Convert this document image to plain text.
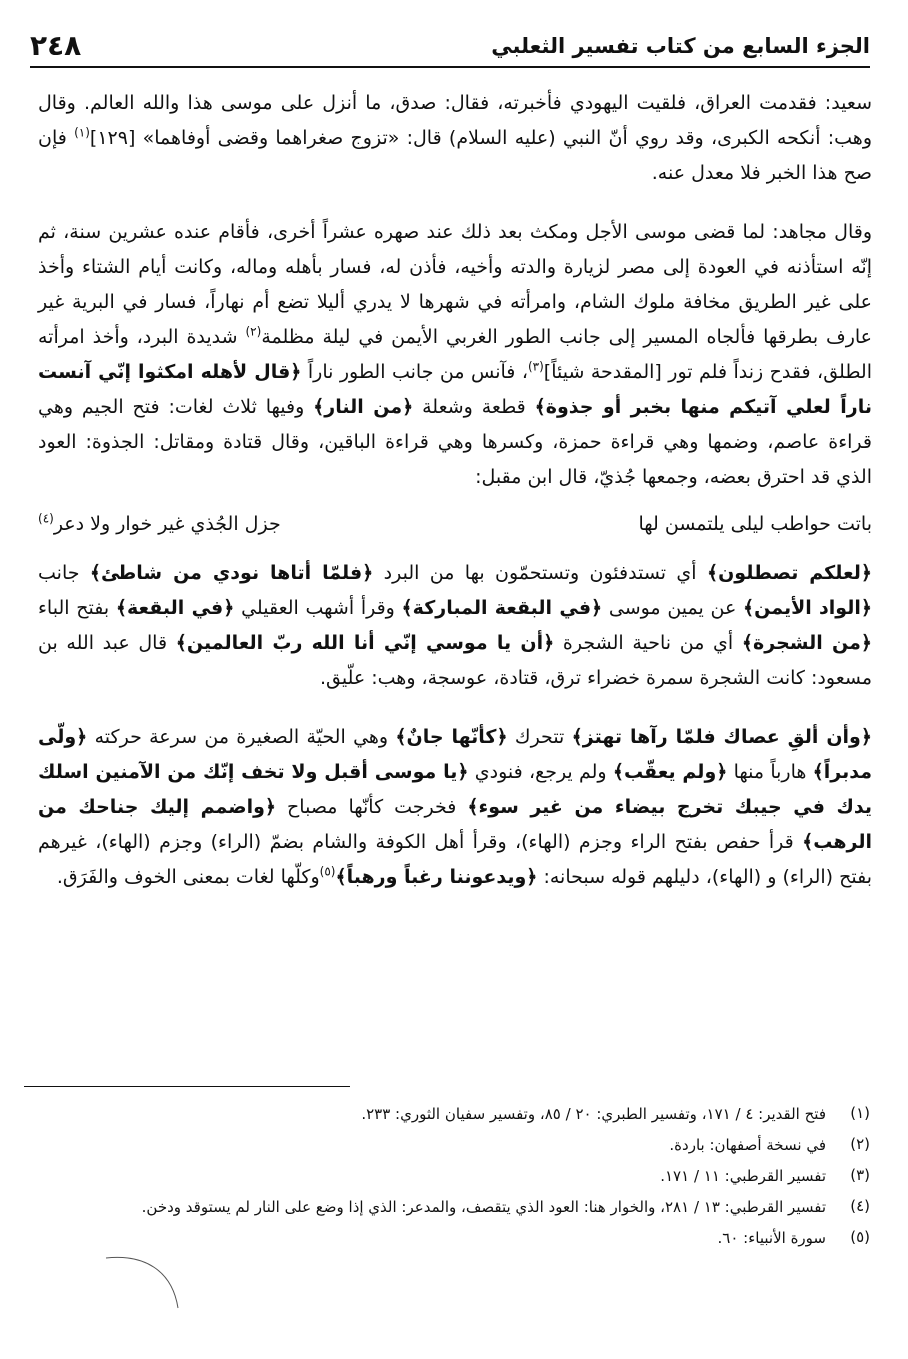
الجزء السابع من كتاب تفسير الثعلبي
٢٤٨

سعيد: فقدمت العراق، فلقيت اليهودي فأخبرته، فقال: صدق، ما أنزل على موسى هذا والله العالم. وقال وهب: أنكحه الكبرى، وقد روي أنّ النبي (عليه السلام) قال: «تزوج صغراهما وقضى أوفاهما» [١٢٩]$^{(١)}$ فإن صح هذا الخبر فلا معدل عنه.

وقال مجاهد: لما قضى موسى الأجل ومكث بعد ذلك عند صهره عشراً أخرى، فأقام عنده عشرين سنة، ثم إنّه استأذنه في العودة إلى مصر لزيارة والدته وأخيه، فأذن له، فسار بأهله وماله، وكانت أيام الشتاء وأخذ على غير الطريق مخافة ملوك الشام، وامرأته في شهرها لا يدري أليلا تضع أم نهاراً، فسار في البرية غير عارف بطرقها فألجاه المسير إلى جانب الطور الغربي الأيمن في ليلة مظلمة$^{(٢)}$ شديدة البرد، وأخذ امرأته الطلق، فقدح زنداً فلم تور [المقدحة شيئاً]$^{(٣)}$، فآنس من جانب الطور ناراً ﴿قال لأهله امكثوا إنّي آنست ناراً لعلي آتيكم منها بخبر أو جذوة﴾ قطعة وشعلة ﴿من النار﴾ وفيها ثلاث لغات: فتح الجيم وهي قراءة عاصم، وضمها وهي قراءة حمزة، وكسرها وهي قراءة الباقين، وقال قتادة ومقاتل: الجذوة: العود الذي قد احترق بعضه، وجمعها جُذيّ، قال ابن مقبل:

باتت حواطب ليلى يلتمسن لها
جزل الجُذي غير خوار ولا دعر$^{(٤)}$

﴿لعلكم تصطلون﴾ أي تستدفئون وتستحمّون بها من البرد ﴿فلمّا أتاها نودي من شاطئ﴾ جانب ﴿الواد الأيمن﴾ عن يمين موسى ﴿في البقعة المباركة﴾ وقرأ أشهب العقيلي ﴿في البقعة﴾ بفتح الباء ﴿من الشجرة﴾ أي من ناحية الشجرة ﴿أن يا موسي إنّي أنا الله ربّ العالمين﴾ قال عبد الله بن مسعود: كانت الشجرة سمرة خضراء ترق، قتادة، عوسجة، وهب: علّيق.

﴿وأن ألقِ عصاك فلمّا رآها تهتز﴾ تتحرك ﴿كأنّها جانٌ﴾ وهي الحيّة الصغيرة من سرعة حركته ﴿ولّى مدبراً﴾ هارباً منها ﴿ولم يعقّب﴾ ولم يرجع، فنودي ﴿يا موسى أقبل ولا تخف إنّك من الآمنين اسلك يدك في جيبك تخرج بيضاء من غير سوء﴾ فخرجت كأنّها مصباح ﴿واضمم إليك جناحك من الرهب﴾ قرأ حفص بفتح الراء وجزم (الهاء)، وقرأ أهل الكوفة والشام بضمّ (الراء) وجزم (الهاء)، غيرهم بفتح (الراء) و (الهاء)، دليلهم قوله سبحانه: ﴿ويدعوننا رغباً ورهباً﴾$^{(٥)}$وكلّها لغات بمعنى الخوف والفَرَق.

(١)
فتح القدير: ٤ / ١٧١، وتفسير الطبري: ٢٠ / ٨٥، وتفسير سفيان الثوري: ٢٣٣.
(٢)
في نسخة أصفهان: باردة.
(٣)
تفسير القرطبي: ١١ / ١٧١.
(٤)
تفسير القرطبي: ١٣ / ٢٨١، والخوار هنا: العود الذي يتقصف، والمدعر: الذي إذا وضع على النار لم يستوقد ودخن.
(٥)
سورة الأنبياء: ٦٠.
